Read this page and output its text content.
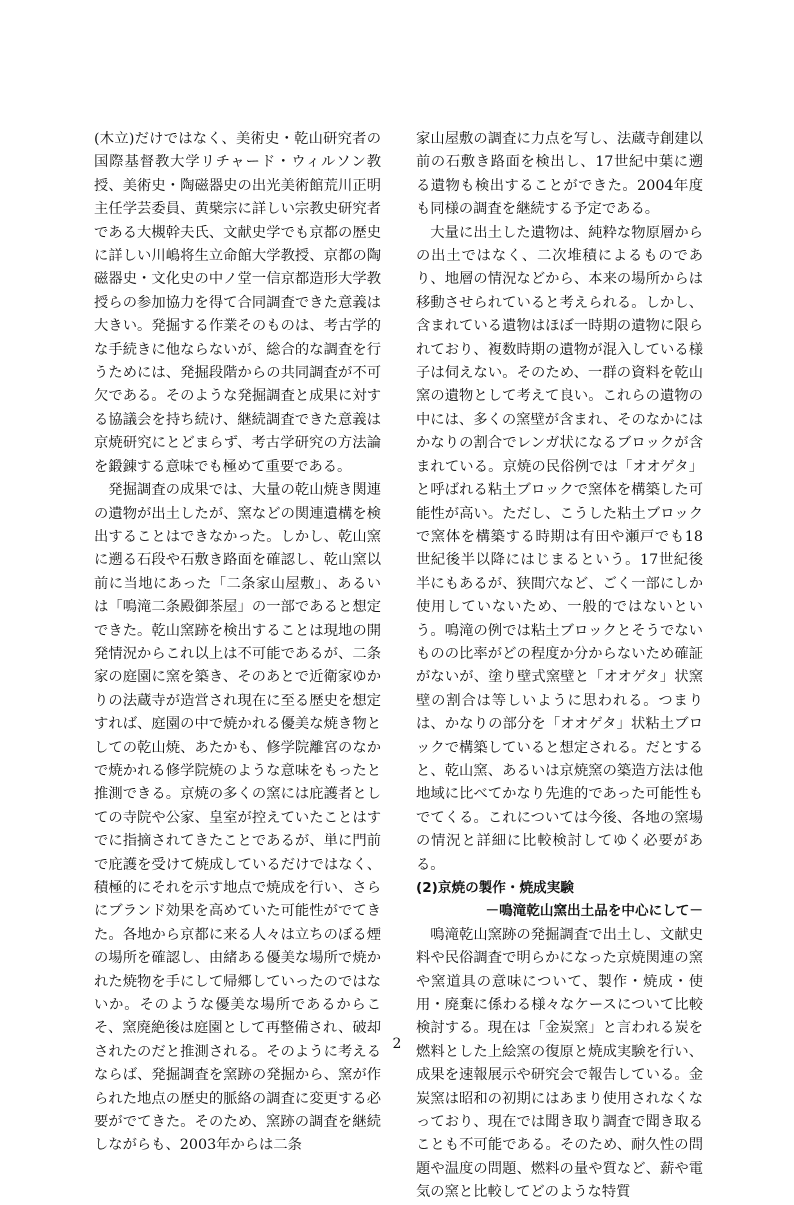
(木立)だけではなく、美術史・乾山研究者の国際基督教大学リチャード・ウィルソン教授、美術史・陶磁器史の出光美術館荒川正明主任学芸委員、黄檗宗に詳しい宗教史研究者である大槻幹夫氏、文献史学でも京都の歴史に詳しい川嶋将生立命館大学教授、京都の陶磁器史・文化史の中ノ堂一信京都造形大学教授らの参加協力を得て合同調査できた意義は大きい。発掘する作業そのものは、考古学的な手続きに他ならないが、総合的な調査を行うためには、発掘段階からの共同調査が不可欠である。そのような発掘調査と成果に対する協議会を持ち続け、継続調査できた意義は京焼研究にとどまらず、考古学研究の方法論を鍛錬する意味でも極めて重要である。

発掘調査の成果では、大量の乾山焼き関連の遺物が出土したが、窯などの関連遺構を検出することはできなかった。しかし、乾山窯に遡る石段や石敷き路面を確認し、乾山窯以前に当地にあった「二条家山屋敷」、あるいは「鳴滝二条殿御茶屋」の一部であると想定できた。乾山窯跡を検出することは現地の開発情況からこれ以上は不可能であるが、二条家の庭園に窯を築き、そのあとで近衛家ゆかりの法蔵寺が造営され現在に至る歴史を想定すれば、庭園の中で焼かれる優美な焼き物としての乾山焼、あたかも、修学院離宮のなかで焼かれる修学院焼のような意味をもったと推測できる。京焼の多くの窯には庇護者としての寺院や公家、皇室が控えていたことはすでに指摘されてきたことであるが、単に門前で庇護を受けて焼成しているだけではなく、積極的にそれを示す地点で焼成を行い、さらにブランド効果を高めていた可能性がでてきた。各地から京都に来る人々は立ちのぼる煙の場所を確認し、由緒ある優美な場所で焼かれた焼物を手にして帰郷していったのではないか。そのような優美な場所であるからこそ、窯廃絶後は庭園として再整備され、破却されたのだと推測される。そのように考えるならば、発掘調査を窯跡の発掘から、窯が作られた地点の歴史的脈絡の調査に変更する必要がでてきた。そのため、窯跡の調査を継続しながらも、2003年からは二条

家山屋敷の調査に力点を写し、法蔵寺創建以前の石敷き路面を検出し、17世紀中葉に遡る遺物も検出することができた。2004年度も同様の調査を継続する予定である。

大量に出土した遺物は、純粋な物原層からの出土ではなく、二次堆積によるものであり、地層の情況などから、本来の場所からは移動させられていると考えられる。しかし、含まれている遺物はほぼ一時期の遺物に限られており、複数時期の遺物が混入している様子は伺えない。そのため、一群の資料を乾山窯の遺物として考えて良い。これらの遺物の中には、多くの窯壁が含まれ、そのなかにはかなりの割合でレンガ状になるブロックが含まれている。京焼の民俗例では「オオゲタ」と呼ばれる粘土ブロックで窯体を構築した可能性が高い。ただし、こうした粘土ブロックで窯体を構築する時期は有田や瀬戸でも18世紀後半以降にはじまるという。17世紀後半にもあるが、狭間穴など、ごく一部にしか使用していないため、一般的ではないという。鳴滝の例では粘土ブロックとそうでないものの比率がどの程度か分からないため確証がないが、塗り壁式窯壁と「オオゲタ」状窯壁の割合は等しいように思われる。つまりは、かなりの部分を「オオゲタ」状粘土ブロックで構築していると想定される。だとすると、乾山窯、あるいは京焼窯の築造方法は他地域に比べてかなり先進的であった可能性もでてくる。これについては今後、各地の窯場の情況と詳細に比較検討してゆく必要がある。

(2)京焼の製作・焼成実験

－鳴滝乾山窯出土品を中心にして－

鳴滝乾山窯跡の発掘調査で出土し、文献史料や民俗調査で明らかになった京焼関連の窯や窯道具の意味について、製作・焼成・使用・廃棄に係わる様々なケースについて比較検討する。現在は「金炭窯」と言われる炭を燃料とした上絵窯の復原と焼成実験を行い、成果を速報展示や研究会で報告している。金炭窯は昭和の初期にはあまり使用されなくなっており、現在では聞き取り調査で聞き取ることも不可能である。そのため、耐久性の問題や温度の問題、燃料の量や質など、薪や電気の窯と比較してどのような特質

2
